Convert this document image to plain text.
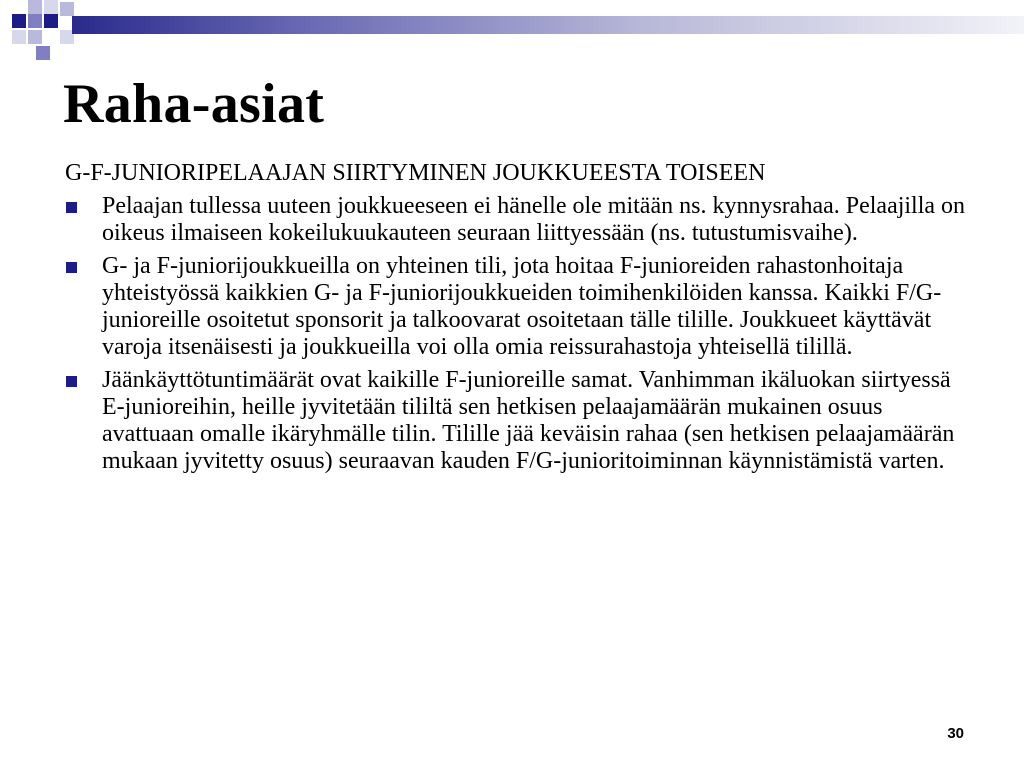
Raha-asiat

G-F-JUNIORIPELAAJAN SIIRTYMINEN JOUKKUEESTA TOISEEN

Pelaajan tullessa uuteen joukkueeseen ei hänelle ole mitään ns. kynnysrahaa. Pelaajilla on oikeus ilmaiseen kokeilukuukauteen seuraan liittyessään (ns. tutustumisvaihe).
G- ja F-juniorijoukkueilla on yhteinen tili, jota hoitaa F-junioreiden rahastonhoitaja yhteistyössä kaikkien G- ja F-juniorijoukkueiden toimihenkilöiden kanssa. Kaikki F/G-junioreille osoitetut sponsorit ja talkoovarat osoitetaan tälle tilille. Joukkueet käyttävät varoja itsenäisesti ja joukkueilla voi olla omia reissurahastoja yhteisellä tilillä.
Jäänkäyttötuntimäärät ovat kaikille F-junioreille samat. Vanhimman ikäluokan siirtyessä E-junioreihin, heille jyvitetään tililtä sen hetkisen pelaajamäärän mukainen osuus avattuaan omalle ikäryhmälle tilin. Tilille jää keväisin rahaa (sen hetkisen pelaajamäärän mukaan jyvitetty osuus) seuraavan kauden F/G-junioritoiminnan käynnistämistä varten.
30
